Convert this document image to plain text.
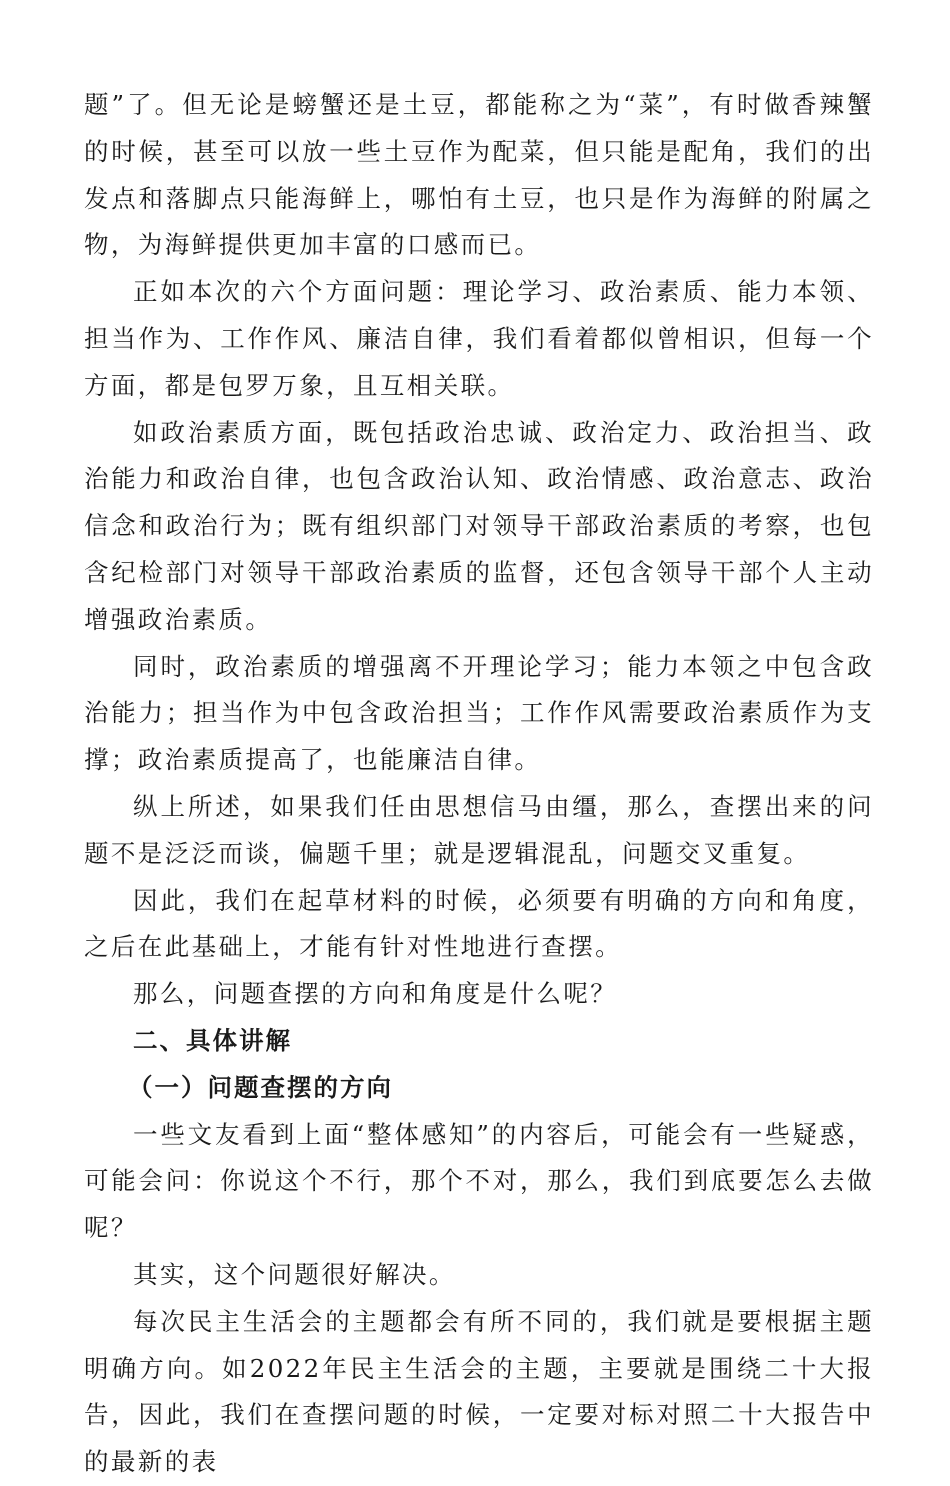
题”了。但无论是螃蟹还是土豆，都能称之为“菜”，有时做香辣蟹的时候，甚至可以放一些土豆作为配菜，但只能是配角，我们的出发点和落脚点只能海鲜上，哪怕有土豆，也只是作为海鲜的附属之物，为海鲜提供更加丰富的口感而已。

正如本次的六个方面问题：理论学习、政治素质、能力本领、担当作为、工作作风、廉洁自律，我们看着都似曾相识，但每一个方面，都是包罗万象，且互相关联。

如政治素质方面，既包括政治忠诚、政治定力、政治担当、政治能力和政治自律，也包含政治认知、政治情感、政治意志、政治信念和政治行为；既有组织部门对领导干部政治素质的考察，也包含纪检部门对领导干部政治素质的监督，还包含领导干部个人主动增强政治素质。

同时，政治素质的增强离不开理论学习；能力本领之中包含政治能力；担当作为中包含政治担当；工作作风需要政治素质作为支撑；政治素质提高了，也能廉洁自律。

纵上所述，如果我们任由思想信马由缰，那么，查摆出来的问题不是泛泛而谈，偏题千里；就是逻辑混乱，问题交叉重复。

因此，我们在起草材料的时候，必须要有明确的方向和角度，之后在此基础上，才能有针对性地进行查摆。

那么，问题查摆的方向和角度是什么呢？

二、具体讲解

（一）问题查摆的方向

一些文友看到上面“整体感知”的内容后，可能会有一些疑惑，可能会问：你说这个不行，那个不对，那么，我们到底要怎么去做呢？

其实，这个问题很好解决。

每次民主生活会的主题都会有所不同的，我们就是要根据主题明确方向。如2022年民主生活会的主题，主要就是围绕二十大报告，因此，我们在查摆问题的时候，一定要对标对照二十大报告中的最新的表
